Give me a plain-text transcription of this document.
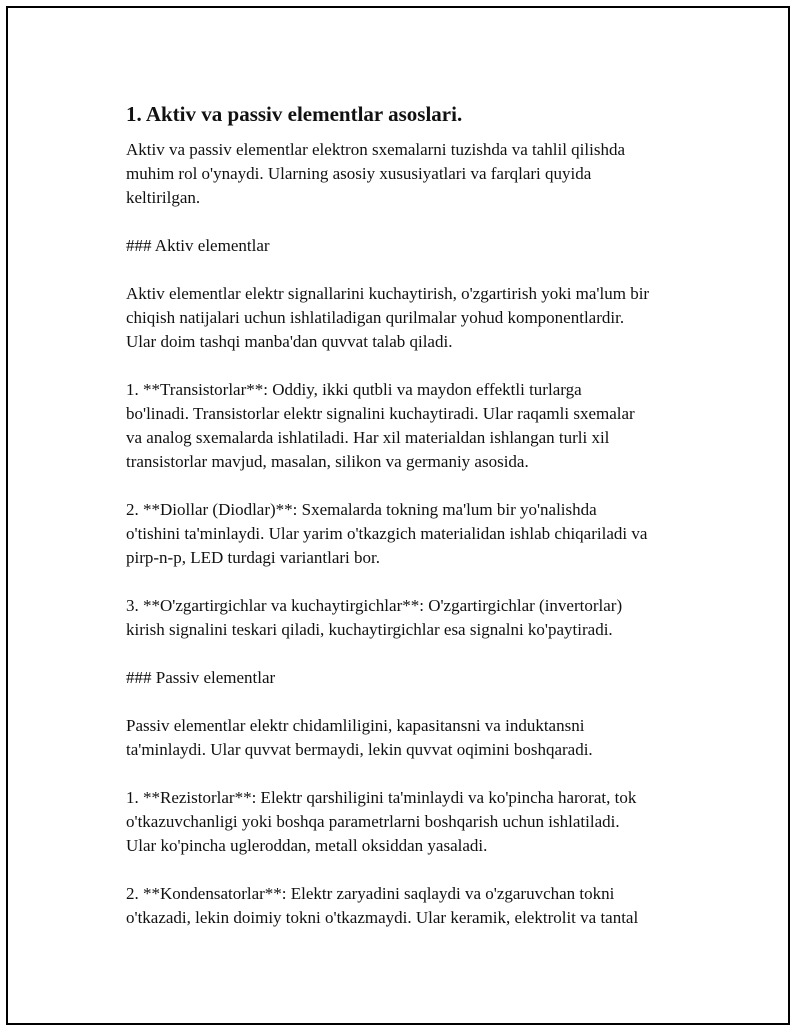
1. Aktiv va passiv elementlar asoslari.

Aktiv va passiv elementlar elektron sxemalarni tuzishda va tahlil qilishda
muhim rol o'ynaydi. Ularning asosiy xususiyatlari va farqlari quyida
keltirilgan.

### Aktiv elementlar

Aktiv elementlar elektr signallarini kuchaytirish, o'zgartirish yoki ma'lum bir
chiqish natijalari uchun ishlatiladigan qurilmalar yohud komponentlardir.
Ular doim tashqi manba'dan quvvat talab qiladi.

1. **Transistorlar**: Oddiy, ikki qutbli va maydon effektli turlarga
bo'linadi. Transistorlar elektr signalini kuchaytiradi. Ular raqamli sxemalar
va analog sxemalarda ishlatiladi. Har xil materialdan ishlangan turli xil
transistorlar mavjud, masalan, silikon va germaniy asosida.

2. **Diollar (Diodlar)**: Sxemalarda tokning ma'lum bir yo'nalishda
o'tishini ta'minlaydi. Ular yarim o'tkazgich materialidan ishlab chiqariladi va
pirp-n-p, LED turdagi variantlari bor.

3. **O'zgartirgichlar va kuchaytirgichlar**: O'zgartirgichlar (invertorlar)
kirish signalini teskari qiladi, kuchaytirgichlar esa signalni ko'paytiradi.

### Passiv elementlar

Passiv elementlar elektr chidamliligini, kapasitansni va induktansni
ta'minlaydi. Ular quvvat bermaydi, lekin quvvat oqimini boshqaradi.

1. **Rezistorlar**: Elektr qarshiligini ta'minlaydi va ko'pincha harorat, tok
o'tkazuvchanligi yoki boshqa parametrlarni boshqarish uchun ishlatiladi.
Ular ko'pincha ugleroddan, metall oksiddan yasaladi.

2. **Kondensatorlar**: Elektr zaryadini saqlaydi va o'zgaruvchan tokni
o'tkazadi, lekin doimiy tokni o'tkazmaydi. Ular keramik, elektrolit va tantal
